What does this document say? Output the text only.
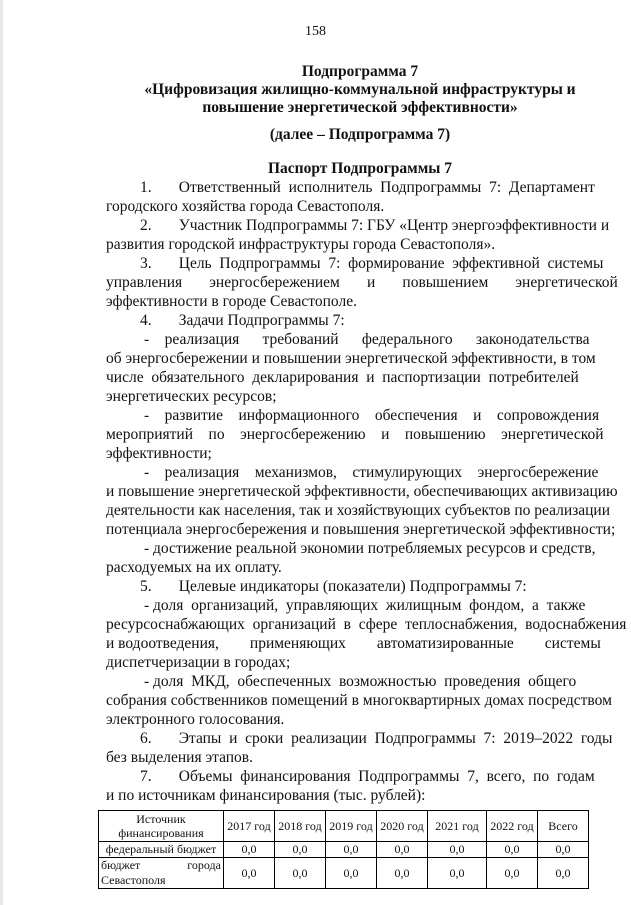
158
Подпрограмма 7
«Цифровизация жилищно-коммунальной инфраструктуры и
повышение энергетической эффективности»
(далее – Подпрограмма 7)
Паспорт Подпрограммы 7
1.       Ответственный  исполнитель  Подпрограммы  7:  Департамент
городского хозяйства города Севастополя.
2.       Участник Подпрограммы 7: ГБУ «Центр энергоэффективности и
развития городской инфраструктуры города Севастополя».
3.       Цель  Подпрограммы  7:  формирование  эффективной  системы
управления       энергосбережением       и       повышением       энергетической
эффективности в городе Севастополе.
4.       Задачи Подпрограммы 7:
-    реализация      требований      федерального      законодательства
об энергосбережении и повышении энергетической эффективности, в том
числе  обязательного  декларирования  и  паспортизации  потребителей
энергетических ресурсов;
-    развитие    информационного    обеспечения    и    сопровождения
мероприятий    по    энергосбережению    и    повышению    энергетической
эффективности;
-    реализация    механизмов,    стимулирующих    энергосбережение
и повышение энергетической эффективности, обеспечивающих активизацию
деятельности как населения, так и хозяйствующих субъектов по реализации
потенциала энергосбережения и повышения энергетической эффективности;
- достижение реальной экономии потребляемых ресурсов и средств,
расходуемых на их оплату.
5.       Целевые индикаторы (показатели) Подпрограммы 7:
- доля  организаций,  управляющих  жилищным  фондом,  а  также
ресурсоснабжающих  организаций  в  сфере  теплоснабжения,  водоснабжения
и водоотведения,        применяющих        автоматизированные        системы
диспетчеризации в городах;
- доля  МКД,  обеспеченных  возможностью  проведения  общего
собрания собственников помещений в многоквартирных домах посредством
электронного голосования.
6.       Этапы  и  сроки  реализации  Подпрограммы  7:  2019–2022  годы
без выделения этапов.
7.       Объемы  финансирования  Подпрограммы  7,  всего,  по  годам
и по источникам финансирования (тыс. рублей):
Источник финансирования	2017 год	2018 год	2019 год	2020 год	2021 год	2022 год	Всего
федеральный бюджет	0,0	0,0	0,0	0,0	0,0	0,0	0,0

бюджет города
Севастополя	0,0	0,0	0,0	0,0	0,0	0,0	0,0
